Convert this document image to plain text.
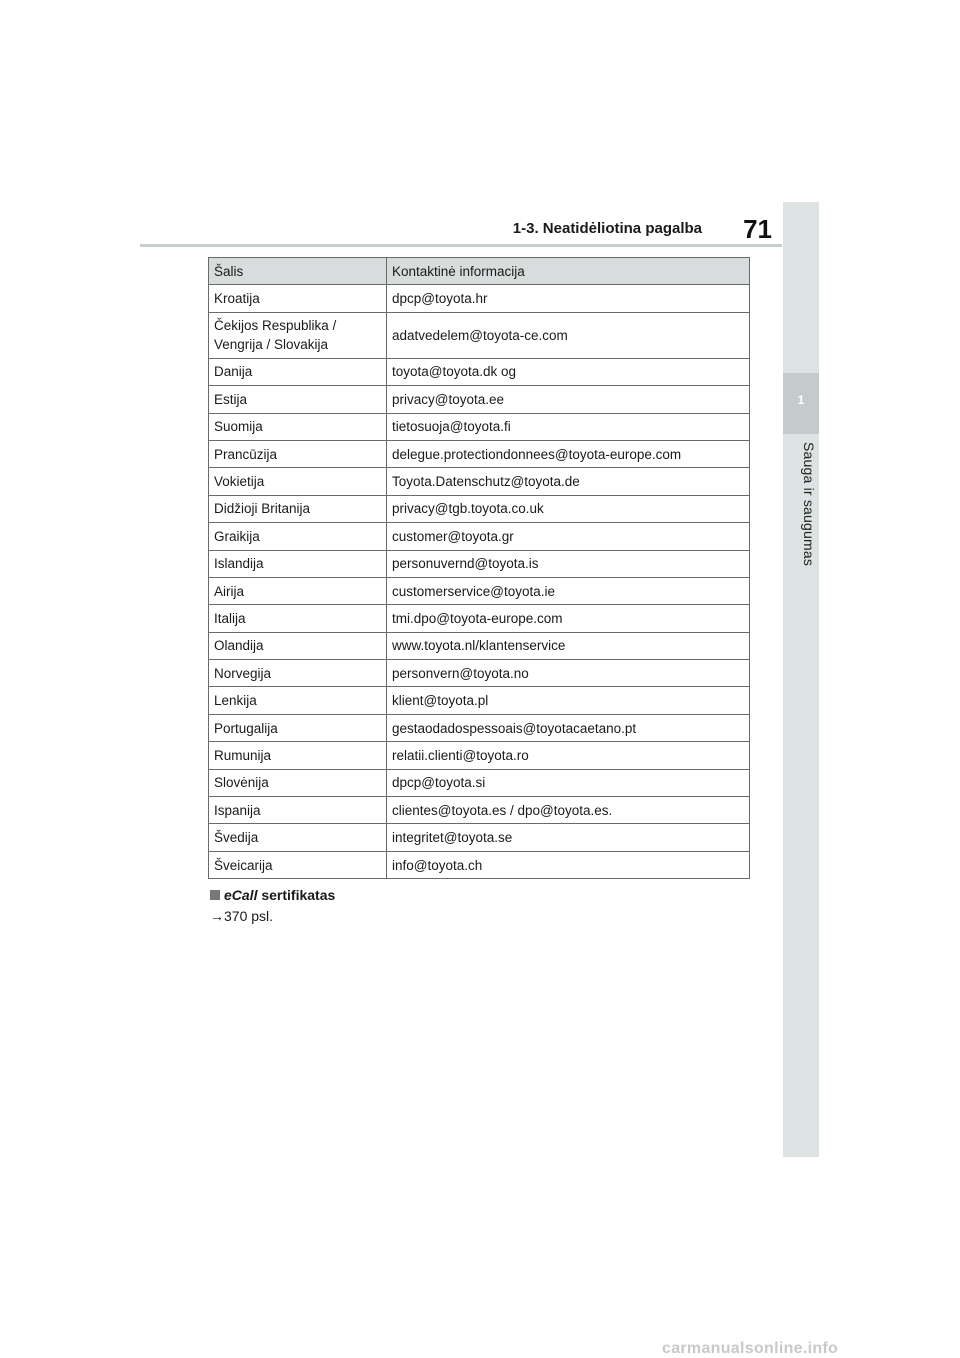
1-3. Neatidėliotina pagalba 71
1
Sauga ir saugumas
Šalis	Kontaktinė informacija
Kroatija	dpcp@toyota.hr
Čekijos Respublika /
Vengrija / Slovakija	adatvedelem@toyota-ce.com
Danija	toyota@toyota.dk og
Estija	privacy@toyota.ee
Suomija	tietosuoja@toyota.fi
Prancūzija	delegue.protectiondonnees@toyota-europe.com
Vokietija	Toyota.Datenschutz@toyota.de
Didžioji Britanija	privacy@tgb.toyota.co.uk
Graikija	customer@toyota.gr
Islandija	personuvernd@toyota.is
Airija	customerservice@toyota.ie
Italija	tmi.dpo@toyota-europe.com
Olandija	www.toyota.nl/klantenservice
Norvegija	personvern@toyota.no
Lenkija	klient@toyota.pl
Portugalija	gestaodadospessoais@toyotacaetano.pt
Rumunija	relatii.clienti@toyota.ro
Slovėnija	dpcp@toyota.si
Ispanija	clientes@toyota.es / dpo@toyota.es.
Švedija	integritet@toyota.se
Šveicarija	info@toyota.ch
eCall sertifikatas
→370 psl.
carmanualsonline.info
